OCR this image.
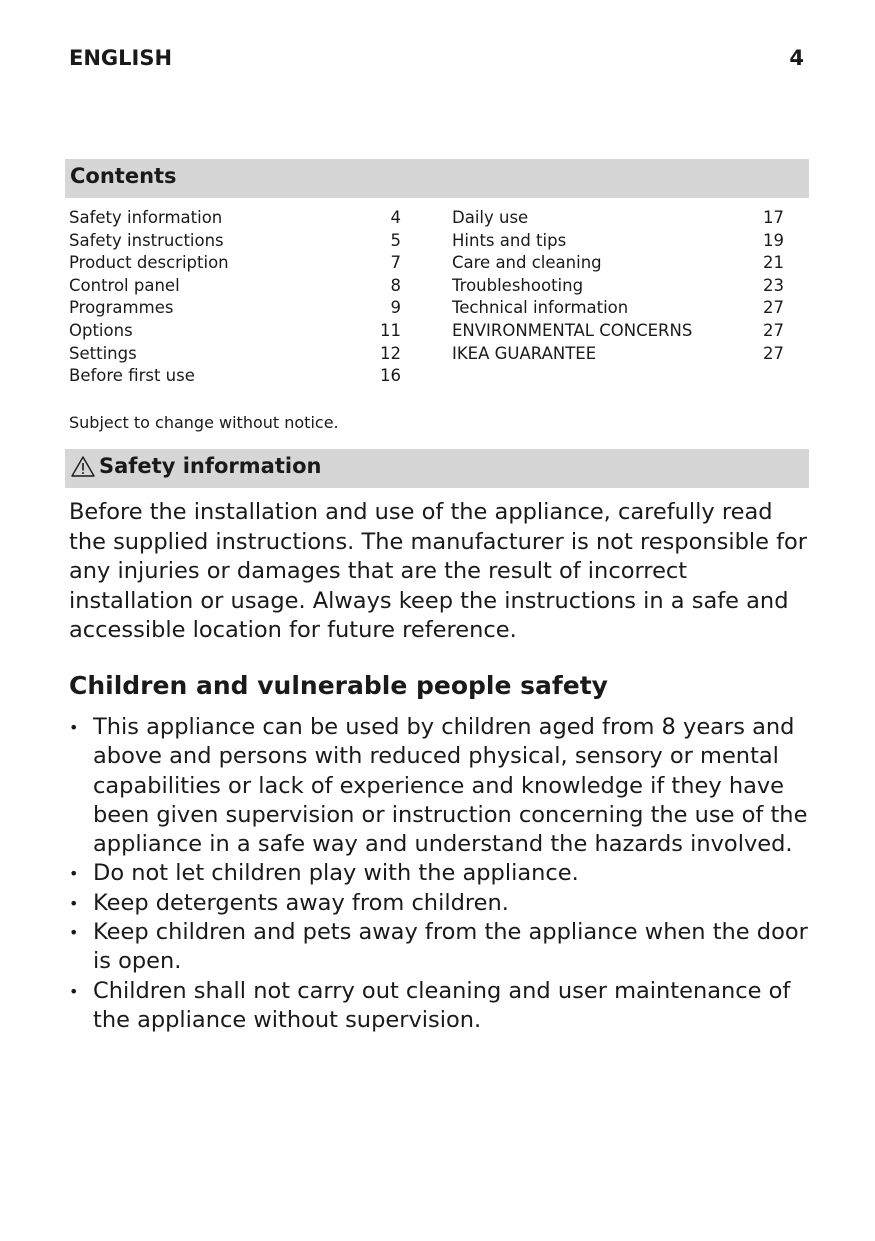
ENGLISH	4
Contents
Safety information	4
Safety instructions	5
Product description	7
Control panel	8
Programmes	9
Options	11
Settings	12
Before first use	16
Daily use	17
Hints and tips	19
Care and cleaning	21
Troubleshooting	23
Technical information	27
ENVIRONMENTAL CONCERNS	27
IKEA GUARANTEE	27
Subject to change without notice.
Safety information
Before the installation and use of the appliance, carefully read the supplied instructions. The manufacturer is not responsible for any injuries or damages that are the result of incorrect installation or usage. Always keep the instructions in a safe and accessible location for future reference.
Children and vulnerable people safety
• This appliance can be used by children aged from 8 years and above and persons with reduced physical, sensory or mental capabilities or lack of experience and knowledge if they have been given supervision or instruction concerning the use of the appliance in a safe way and understand the hazards involved.
• Do not let children play with the appliance.
• Keep detergents away from children.
• Keep children and pets away from the appliance when the door is open.
• Children shall not carry out cleaning and user maintenance of the appliance without supervision.
